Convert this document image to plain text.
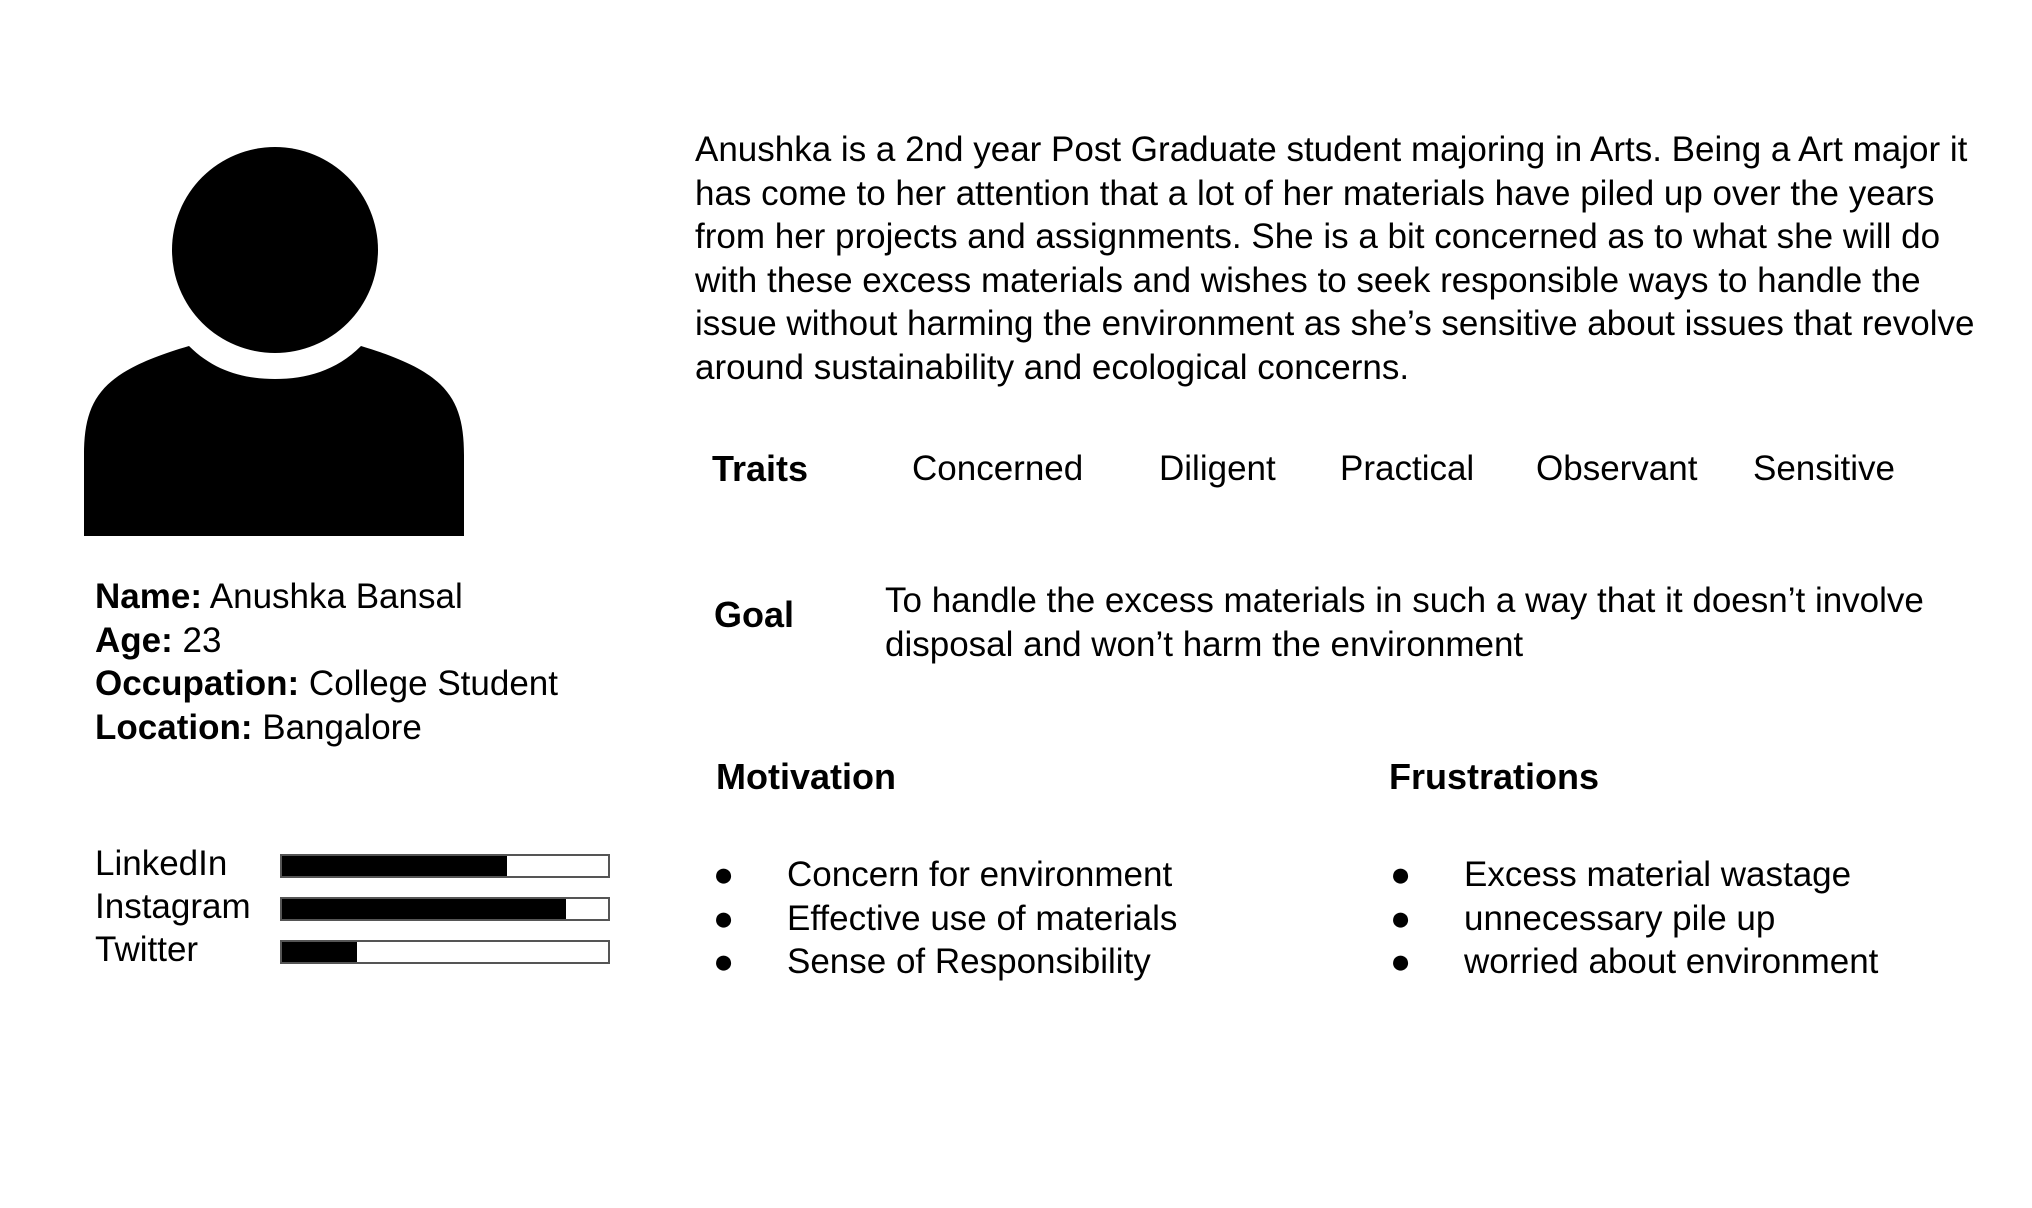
Name: Anushka Bansal
Age: 23
Occupation: College Student
Location: Bangalore
LinkedIn
Instagram
Twitter
Anushka is a 2nd year Post Graduate student majoring in Arts. Being a Art major it has come to her attention that a lot of her materials have piled up over the years from her projects and assignments. She is a bit concerned as to what she will do with these excess materials and wishes to seek responsible ways to handle the issue without harming the environment as she’s sensitive about issues that revolve around sustainability and ecological concerns.
Traits	Concerned Diligent Practical Observant Sensitive
Goal	To handle the excess materials in such a way that it doesn’t involve disposal and won’t harm the environment
Motivation
● Concern for environment
● Effective use of materials
● Sense of Responsibility
Frustrations
● Excess material wastage
● unnecessary pile up
● worried about environment
